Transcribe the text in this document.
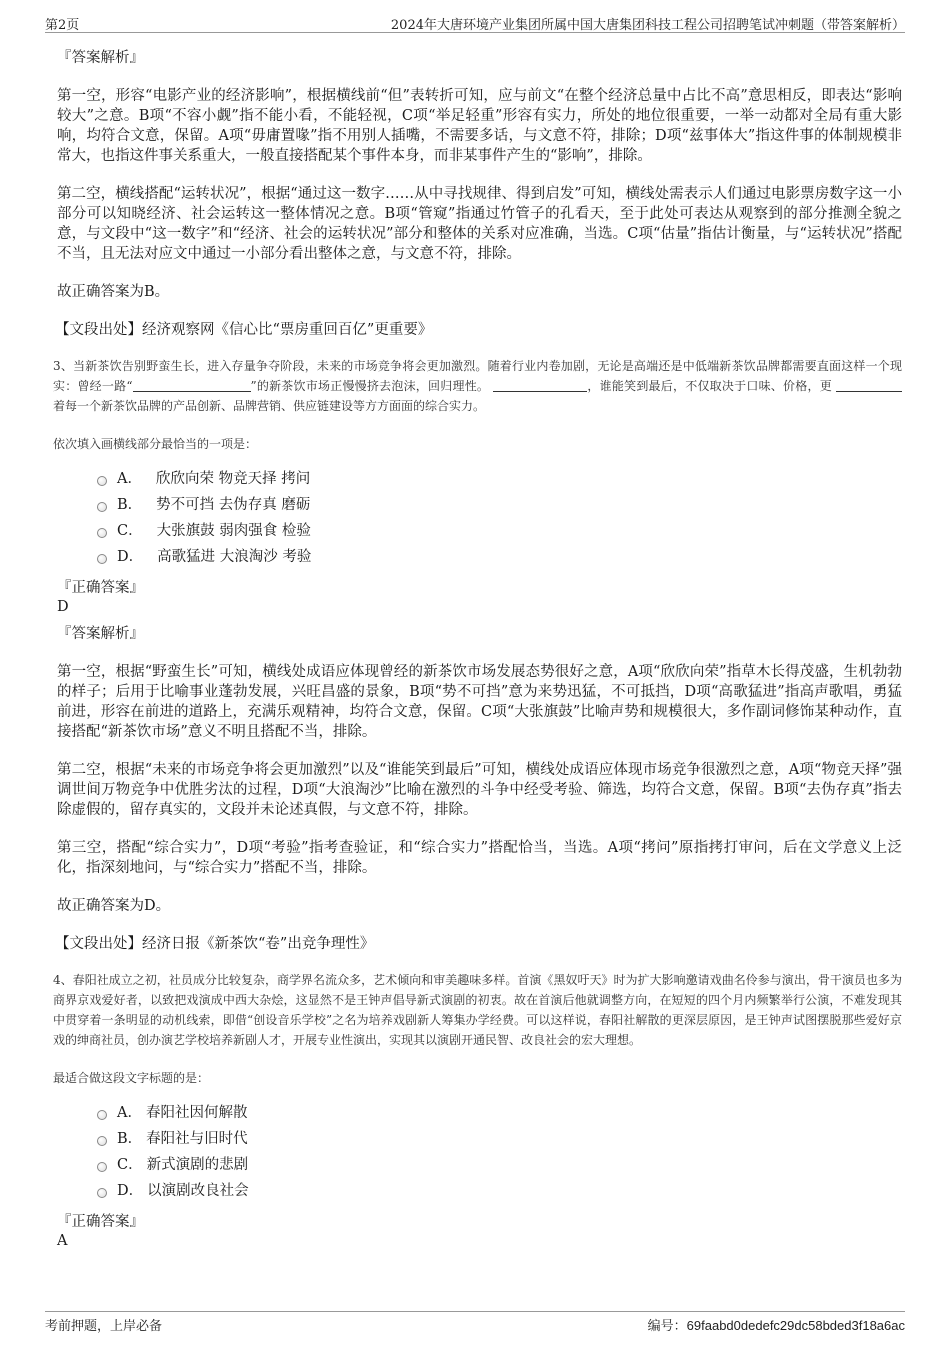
第2页	2024年大唐环境产业集团所属中国大唐集团科技工程公司招聘笔试冲刺题（带答案解析）
『答案解析』

第一空，形容“电影产业的经济影响”，根据横线前“但”表转折可知，应与前文“在整个经济总量中占比不高”意思相反，即表达“影响较大”之意。B项“不容小觑”指不能小看，不能轻视，C项“举足轻重”形容有实力，所处的地位很重要，一举一动都对全局有重大影响，均符合文意，保留。A项“毋庸置喙”指不用别人插嘴，不需要多话，与文意不符，排除；D项“兹事体大”指这件事的体制规模非常大，也指这件事关系重大，一般直接搭配某个事件本身，而非某事件产生的“影响”，排除。

第二空，横线搭配“运转状况”，根据“通过这一数字……从中寻找规律、得到启发”可知，横线处需表示人们通过电影票房数字这一小部分可以知晓经济、社会运转这一整体情况之意。B项“管窥”指通过竹管子的孔看天，至于此处可表达从观察到的部分推测全貌之意，与文段中“这一数字”和“经济、社会的运转状况”部分和整体的关系对应准确，当选。C项“估量”指估计衡量，与“运转状况”搭配不当，且无法对应文中通过一小部分看出整体之意，与文意不符，排除。

故正确答案为B。

【文段出处】经济观察网《信心比“票房重回百亿”更重要》

3、当新茶饮告别野蛮生长，进入存量争夺阶段，未来的市场竞争将会更加激烈。随着行业内卷加剧，无论是高端还是中低端新茶饮品牌都需要直面这样一个现实：曾经一路“	”的新茶饮市场正慢慢挤去泡沫，回归理性。	，谁能笑到最后，不仅取决于口味、价格，更 着每一个新茶饮品牌的产品创新、品牌营销、供应链建设等方方面面的综合实力。

依次填入画横线部分最恰当的一项是：

A． 欣欣向荣 物竞天择 拷问
B． 势不可挡 去伪存真 磨砺
C． 大张旗鼓 弱肉强食 检验
D． 高歌猛进 大浪淘沙 考验
『正确答案』
D
『答案解析』

第一空，根据“野蛮生长”可知，横线处成语应体现曾经的新茶饮市场发展态势很好之意，A项“欣欣向荣”指草木长得茂盛，生机勃勃的样子；后用于比喻事业蓬勃发展，兴旺昌盛的景象，B项“势不可挡”意为来势迅猛，不可抵挡，D项“高歌猛进”指高声歌唱，勇猛前进，形容在前进的道路上，充满乐观精神，均符合文意，保留。C项“大张旗鼓”比喻声势和规模很大，多作副词修饰某种动作，直接搭配“新茶饮市场”意义不明且搭配不当，排除。

第二空，根据“未来的市场竞争将会更加激烈”以及“谁能笑到最后”可知，横线处成语应体现市场竞争很激烈之意，A项“物竞天择”强调世间万物竞争中优胜劣汰的过程，D项“大浪淘沙”比喻在激烈的斗争中经受考验、筛选，均符合文意，保留。B项“去伪存真”指去除虚假的，留存真实的，文段并未论述真假，与文意不符，排除。

第三空，搭配“综合实力”，D项“考验”指考查验证，和“综合实力”搭配恰当，当选。A项“拷问”原指拷打审问，后在文学意义上泛化，指深刻地问，与“综合实力”搭配不当，排除。

故正确答案为D。

【文段出处】经济日报《新茶饮“卷”出竞争理性》

4、春阳社成立之初，社员成分比较复杂，商学界名流众多，艺术倾向和审美趣味多样。首演《黑奴吁天》时为扩大影响邀请戏曲名伶参与演出，骨干演员也多为商界京戏爱好者，以致把戏演成中西大杂烩，这显然不是王钟声倡导新式演剧的初衷。故在首演后他就调整方向，在短短的四个月内频繁举行公演，不难发现其中贯穿着一条明显的动机线索，即借“创设音乐学校”之名为培养戏剧新人筹集办学经费。可以这样说，春阳社解散的更深层原因，是王钟声试图摆脱那些爱好京戏的绅商社员，创办演艺学校培养新剧人才，开展专业性演出，实现其以演剧开通民智、改良社会的宏大理想。

最适合做这段文字标题的是：

A． 春阳社因何解散
B． 春阳社与旧时代
C． 新式演剧的悲剧
D． 以演剧改良社会
『正确答案』
A
考前押题，上岸必备	编号：69faabd0dedefc29dc58bded3f18a6ac
